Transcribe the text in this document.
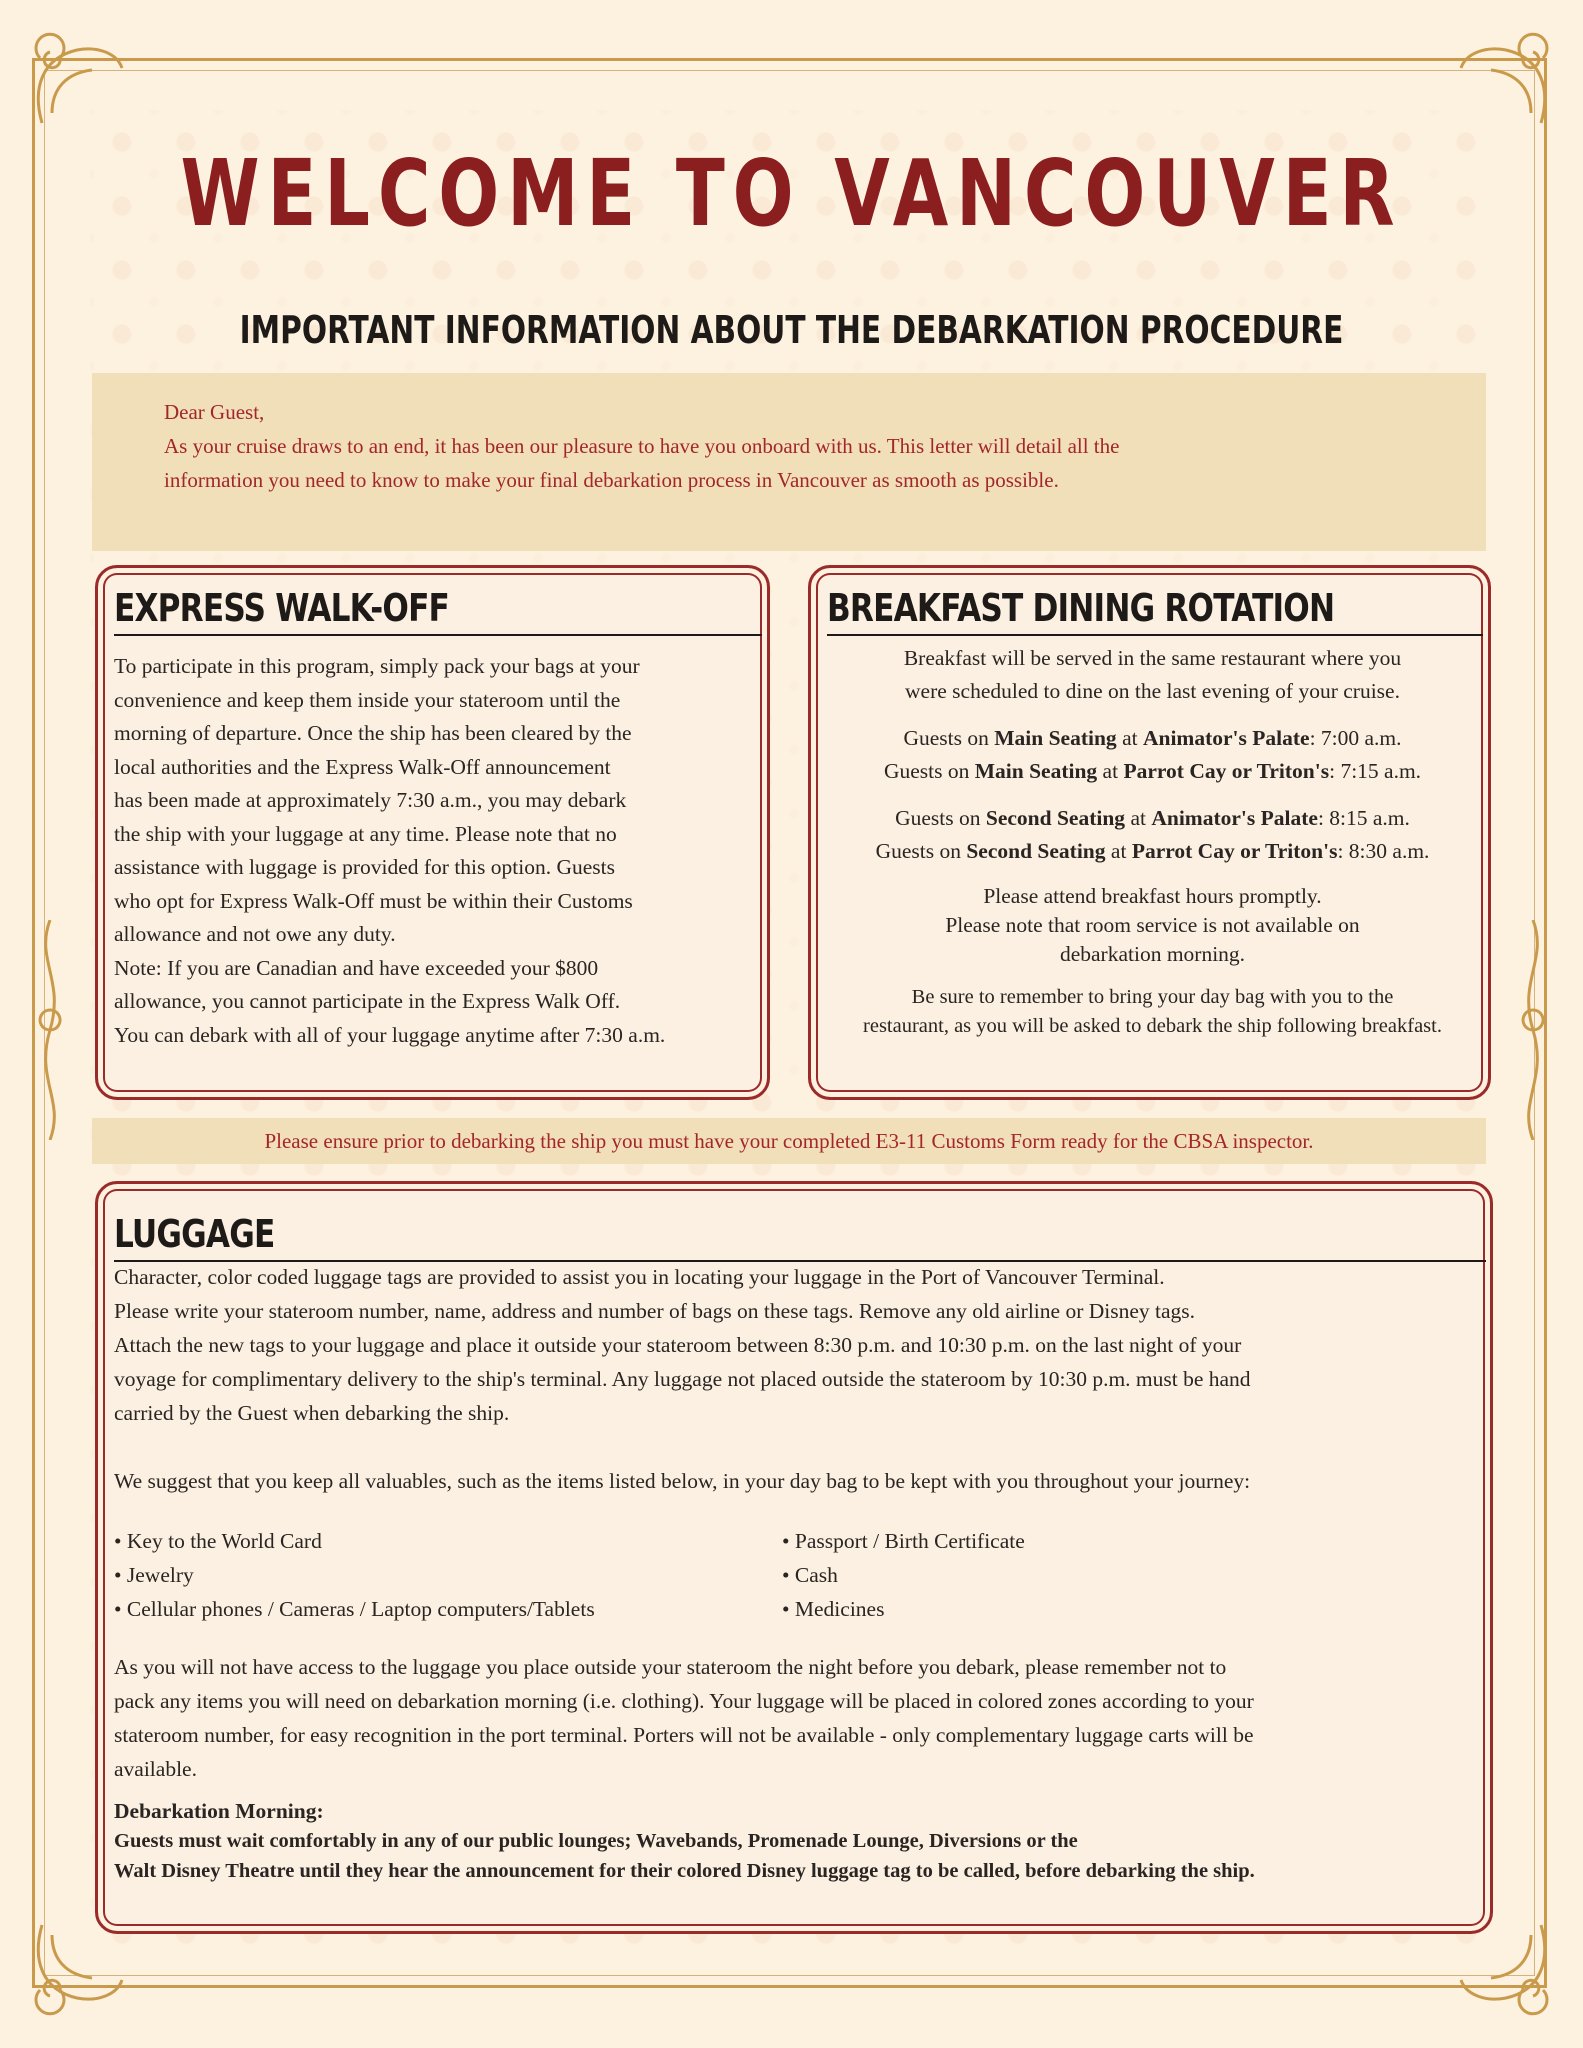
WELCOME TO VANCOUVER
IMPORTANT INFORMATION ABOUT THE DEBARKATION PROCEDURE
Dear Guest,
As your cruise draws to an end, it has been our pleasure to have you onboard with us. This letter will detail all the
information you need to know to make your final debarkation process in Vancouver as smooth as possible.
EXPRESS WALK-OFF
To participate in this program, simply pack your bags at your
convenience and keep them inside your stateroom until the
morning of departure. Once the ship has been cleared by the
local authorities and the Express Walk-Off announcement
has been made at approximately 7:30 a.m., you may debark
the ship with your luggage at any time. Please note that no
assistance with luggage is provided for this option. Guests
who opt for Express Walk-Off must be within their Customs
allowance and not owe any duty.
Note: If you are Canadian and have exceeded your $800
allowance, you cannot participate in the Express Walk Off.
You can debark with all of your luggage anytime after 7:30 a.m.
BREAKFAST DINING ROTATION

Breakfast will be served in the same restaurant where you
were scheduled to dine on the last evening of your cruise.

Guests on Main Seating at Animator's Palate: 7:00 a.m.
Guests on Main Seating at Parrot Cay or Triton's: 7:15 a.m.

Guests on Second Seating at Animator's Palate: 8:15 a.m.
Guests on Second Seating at Parrot Cay or Triton's: 8:30 a.m.

Please attend breakfast hours promptly.
Please note that room service is not available on
debarkation morning.

Be sure to remember to bring your day bag with you to the
restaurant, as you will be asked to debark the ship following breakfast.

Please ensure prior to debarking the ship you must have your completed E3-11 Customs Form ready for the CBSA inspector.
LUGGAGE

Character, color coded luggage tags are provided to assist you in locating your luggage in the Port of Vancouver Terminal.
Please write your stateroom number, name, address and number of bags on these tags. Remove any old airline or Disney tags.
Attach the new tags to your luggage and place it outside your stateroom between 8:30 p.m. and 10:30 p.m. on the last night of your
voyage for complimentary delivery to the ship's terminal. Any luggage not placed outside the stateroom by 10:30 p.m. must be hand
carried by the Guest when debarking the ship.

We suggest that you keep all valuables, such as the items listed below, in your day bag to be kept with you throughout your journey:

• Key to the World Card
• Jewelry
• Cellular phones / Cameras / Laptop computers/Tablets
• Passport / Birth Certificate
• Cash
• Medicines

As you will not have access to the luggage you place outside your stateroom the night before you debark, please remember not to
pack any items you will need on debarkation morning (i.e. clothing). Your luggage will be placed in colored zones according to your
stateroom number, for easy recognition in the port terminal. Porters will not be available - only complementary luggage carts will be
available.

Debarkation Morning:

Guests must wait comfortably in any of our public lounges; Wavebands, Promenade Lounge, Diversions or the

Walt Disney Theatre until they hear the announcement for their colored Disney luggage tag to be called, before debarking the ship.
